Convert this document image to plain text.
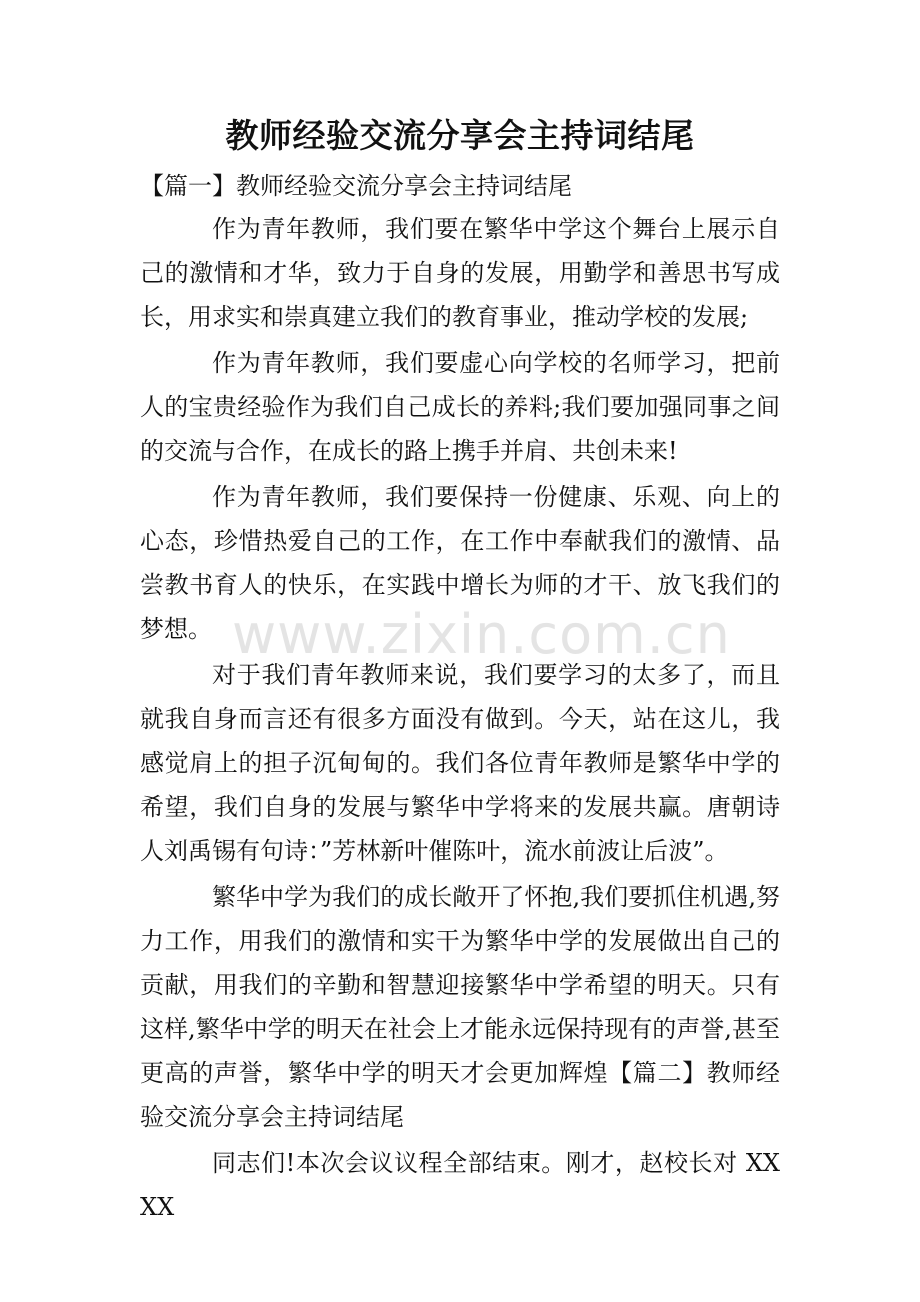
教师经验交流分享会主持词结尾
【篇一】教师经验交流分享会主持词结尾

作为青年教师，我们要在繁华中学这个舞台上展示自己的激情和才华，致力于自身的发展，用勤学和善思书写成长，用求实和崇真建立我们的教育事业，推动学校的发展;

作为青年教师，我们要虚心向学校的名师学习，把前人的宝贵经验作为我们自己成长的养料;我们要加强同事之间的交流与合作，在成长的路上携手并肩、共创未来!

作为青年教师，我们要保持一份健康、乐观、向上的心态，珍惜热爱自己的工作，在工作中奉献我们的激情、品尝教书育人的快乐，在实践中增长为师的才干、放飞我们的梦想。

对于我们青年教师来说，我们要学习的太多了，而且就我自身而言还有很多方面没有做到。今天，站在这儿，我感觉肩上的担子沉甸甸的。我们各位青年教师是繁华中学的希望，我们自身的发展与繁华中学将来的发展共赢。唐朝诗人刘禹锡有句诗：”芳林新叶催陈叶，流水前波让后波”。

繁华中学为我们的成长敞开了怀抱,我们要抓住机遇,努力工作，用我们的激情和实干为繁华中学的发展做出自己的贡献，用我们的辛勤和智慧迎接繁华中学希望的明天。只有这样,繁华中学的明天在社会上才能永远保持现有的声誉,甚至更高的声誉，繁华中学的明天才会更加辉煌【篇二】教师经验交流分享会主持词结尾

同志们!本次会议议程全部结束。刚才，赵校长对 XXXX

www.zixin.com.cn
